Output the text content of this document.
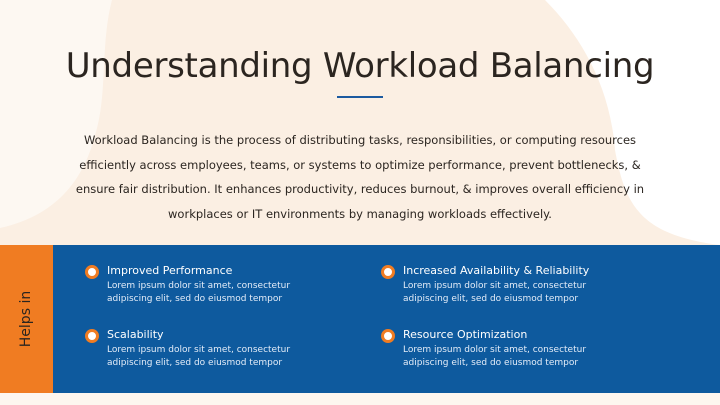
Understanding Workload Balancing

Workload Balancing is the process of distributing tasks, responsibilities, or computing resources efficiently across employees, teams, or systems to optimize performance, prevent bottlenecks, & ensure fair distribution. It enhances productivity, reduces burnout, & improves overall efficiency in workplaces or IT environments by managing workloads effectively.

Helps in
Improved Performance
Lorem ipsum dolor sit amet, consectetur adipiscing elit, sed do eiusmod tempor
Increased Availability & Reliability
Lorem ipsum dolor sit amet, consectetur adipiscing elit, sed do eiusmod tempor
Scalability
Lorem ipsum dolor sit amet, consectetur adipiscing elit, sed do eiusmod tempor
Resource Optimization
Lorem ipsum dolor sit amet, consectetur adipiscing elit, sed do eiusmod tempor
